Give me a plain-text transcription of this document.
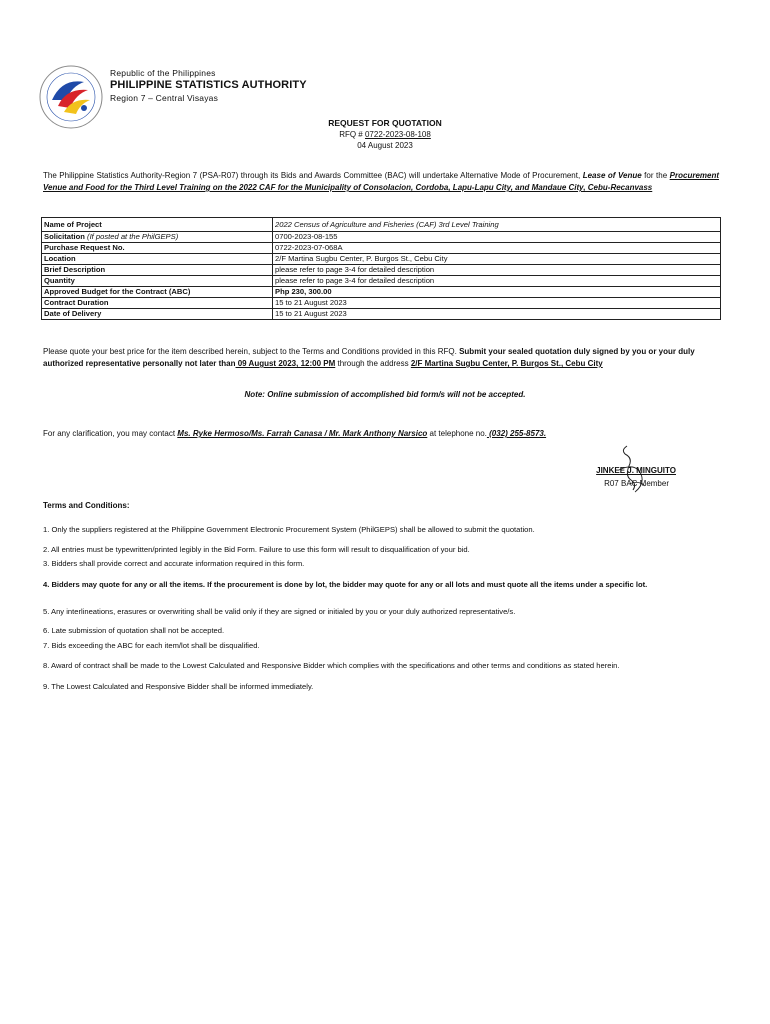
Republic of the Philippines
PHILIPPINE STATISTICS AUTHORITY
Region 7 – Central Visayas
REQUEST FOR QUOTATION
RFQ # 0722-2023-08-108
04 August 2023
The Philippine Statistics Authority-Region 7 (PSA-R07) through its Bids and Awards Committee (BAC) will undertake Alternative Mode of Procurement, Lease of Venue for the Procurement Venue and Food for the Third Level Training on the 2022 CAF for the Municipality of Consolacion, Cordoba, Lapu-Lapu City, and Mandaue City, Cebu-Recanvass
Name of Project	2022 Census of Agriculture and Fisheries (CAF) 3rd Level Training
Solicitation (If posted at the PhilGEPS)	0700-2023-08-155
Purchase Request No.	0722-2023-07-068A
Location	2/F Martina Sugbu Center, P. Burgos St., Cebu City
Brief Description	please refer to page 3-4 for detailed description
Quantity	please refer to page 3-4 for detailed description
Approved Budget for the Contract (ABC)	Php 230, 300.00
Contract Duration	15 to 21 August 2023
Date of Delivery	15 to 21 August 2023
Please quote your best price for the item described herein, subject to the Terms and Conditions provided in this RFQ. Submit your sealed quotation duly signed by you or your duly authorized representative personally not later than 09 August 2023, 12:00 PM through the address 2/F Martina Sugbu Center, P. Burgos St., Cebu City
Note: Online submission of accomplished bid form/s will not be accepted.
For any clarification, you may contact Ms. Ryke Hermoso/Ms. Farrah Canasa / Mr. Mark Anthony Narsico at telephone no. (032) 255-8573.
JINKEE J. MINGUITO
R07 BAC Member
Terms and Conditions:
1. Only the suppliers registered at the Philippine Government Electronic Procurement System (PhilGEPS) shall be allowed to submit the quotation.
2. All entries must be typewritten/printed legibly in the Bid Form. Failure to use this form will result to disqualification of your bid.
3. Bidders shall provide correct and accurate information required in this form.
4. Bidders may quote for any or all the items. If the procurement is done by lot, the bidder may quote for any or all lots and must quote all the items under a specific lot.
5. Any interlineations, erasures or overwriting shall be valid only if they are signed or initialed by you or your duly authorized representative/s.
6. Late submission of quotation shall not be accepted.
7. Bids exceeding the ABC for each item/lot shall be disqualified.
8. Award of contract shall be made to the Lowest Calculated and Responsive Bidder which complies with the specifications and other terms and conditions as stated herein.
9. The Lowest Calculated and Responsive Bidder shall be informed immediately.
